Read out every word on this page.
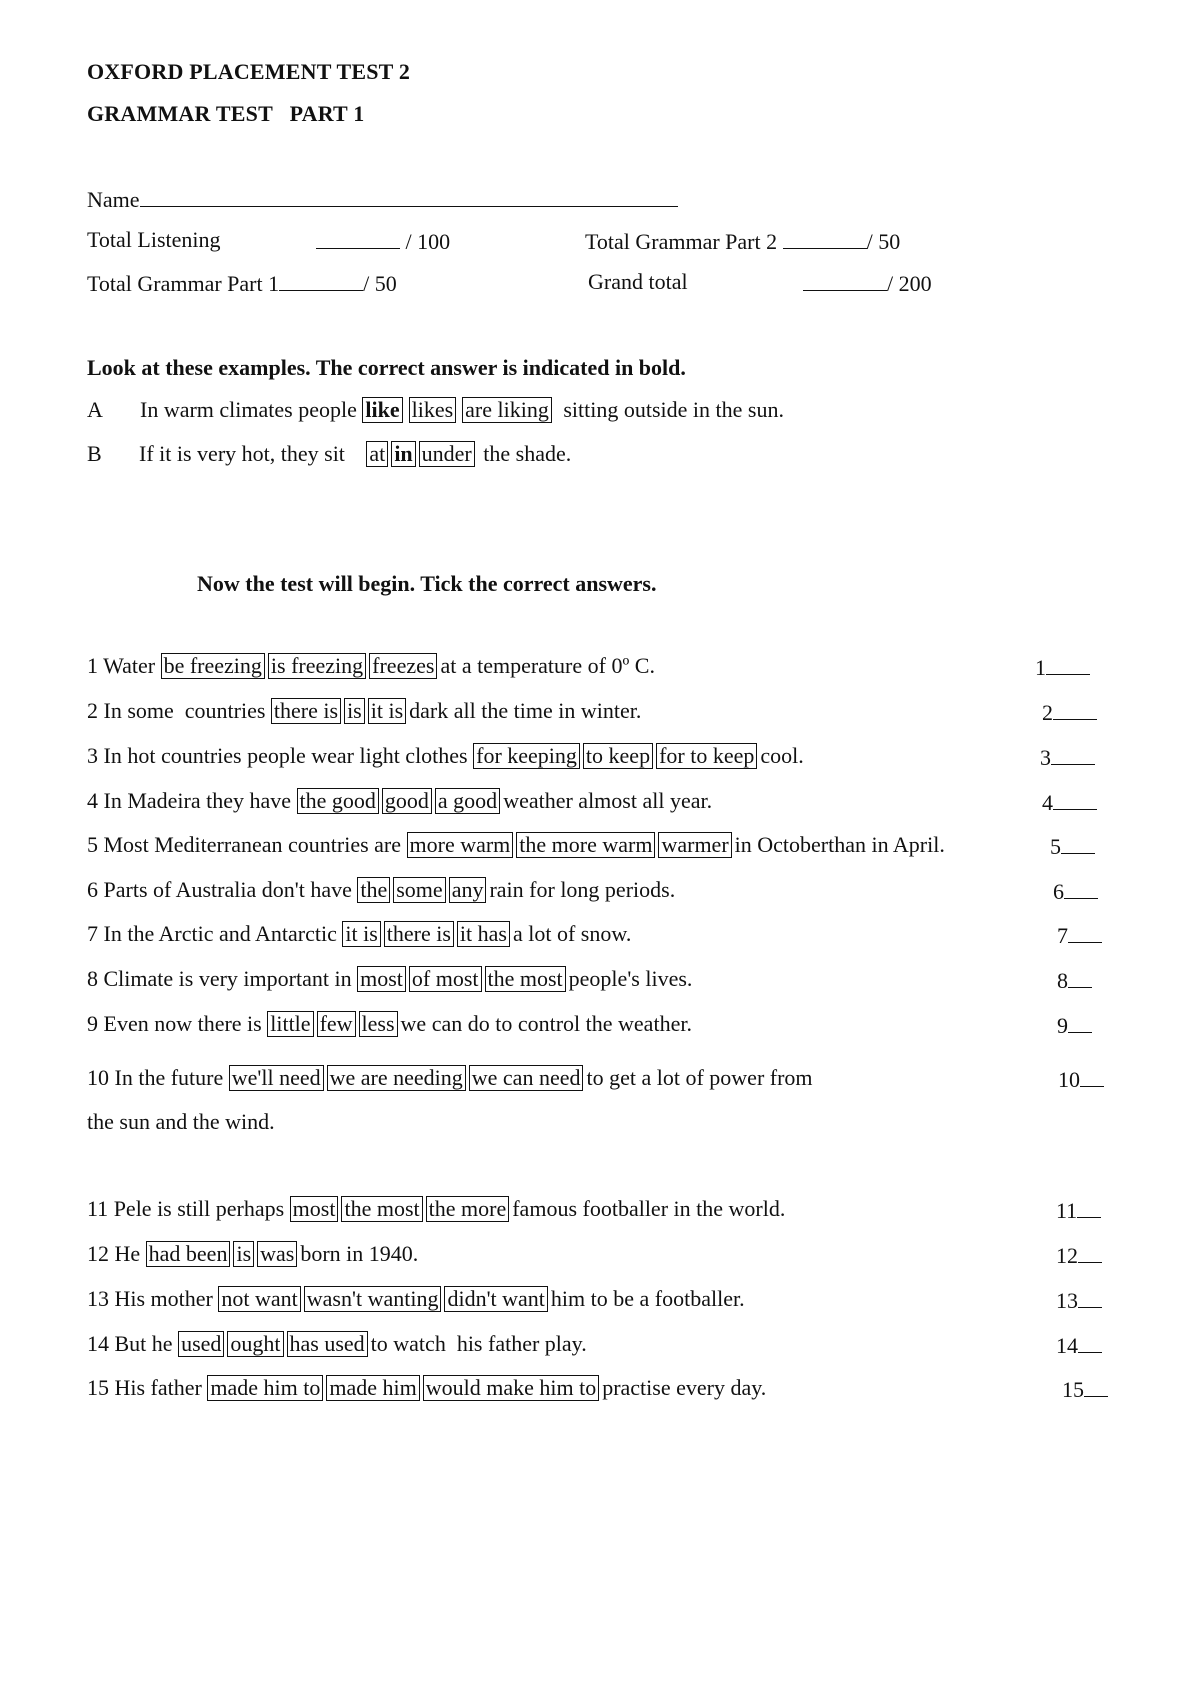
OXFORD PLACEMENT TEST 2
GRAMMAR TEST   PART 1
Name
Total Listening	/ 100	Total Grammar Part 2	/ 50
Total Grammar Part 1	/ 50	Grand total	/ 200
Look at these examples. The correct answer is indicated in bold.
A In warm climates people like likes are liking sitting outside in the sun.
B If it is very hot, they sit at in under the shade.
Now the test will begin. Tick the correct answers.
1 Water be freezing is freezing freezes at a temperature of 0º C.	1
2 In some  countries there is is it is dark all the time in winter.	2
3 In hot countries people wear light clothes for keeping to keep for to keep cool.	3
4 In Madeira they have the good good a good weather almost all year.	4
5 Most Mediterranean countries are more warm the more warm warmer in Octoberthan in April.	5
6 Parts of Australia don't have the some any rain for long periods.	6
7 In the Arctic and Antarctic it is there is it has a lot of snow.	7
8 Climate is very important in most of most the most people's lives.	8
9 Even now there is little few less we can do to control the weather.	9
10 In the future we'll need we are needing we can need to get a lot of power from	10
11 Pele is still perhaps most the most the more famous footballer in the world.	11
12 He had been is was born in 1940.	12
13 His mother not want wasn't wanting didn't want him to be a footballer.	13
14 But he used ought has used to watch  his father play.	14
15 His father made him to made him would make him to practise every day.	15
the sun and the wind.
